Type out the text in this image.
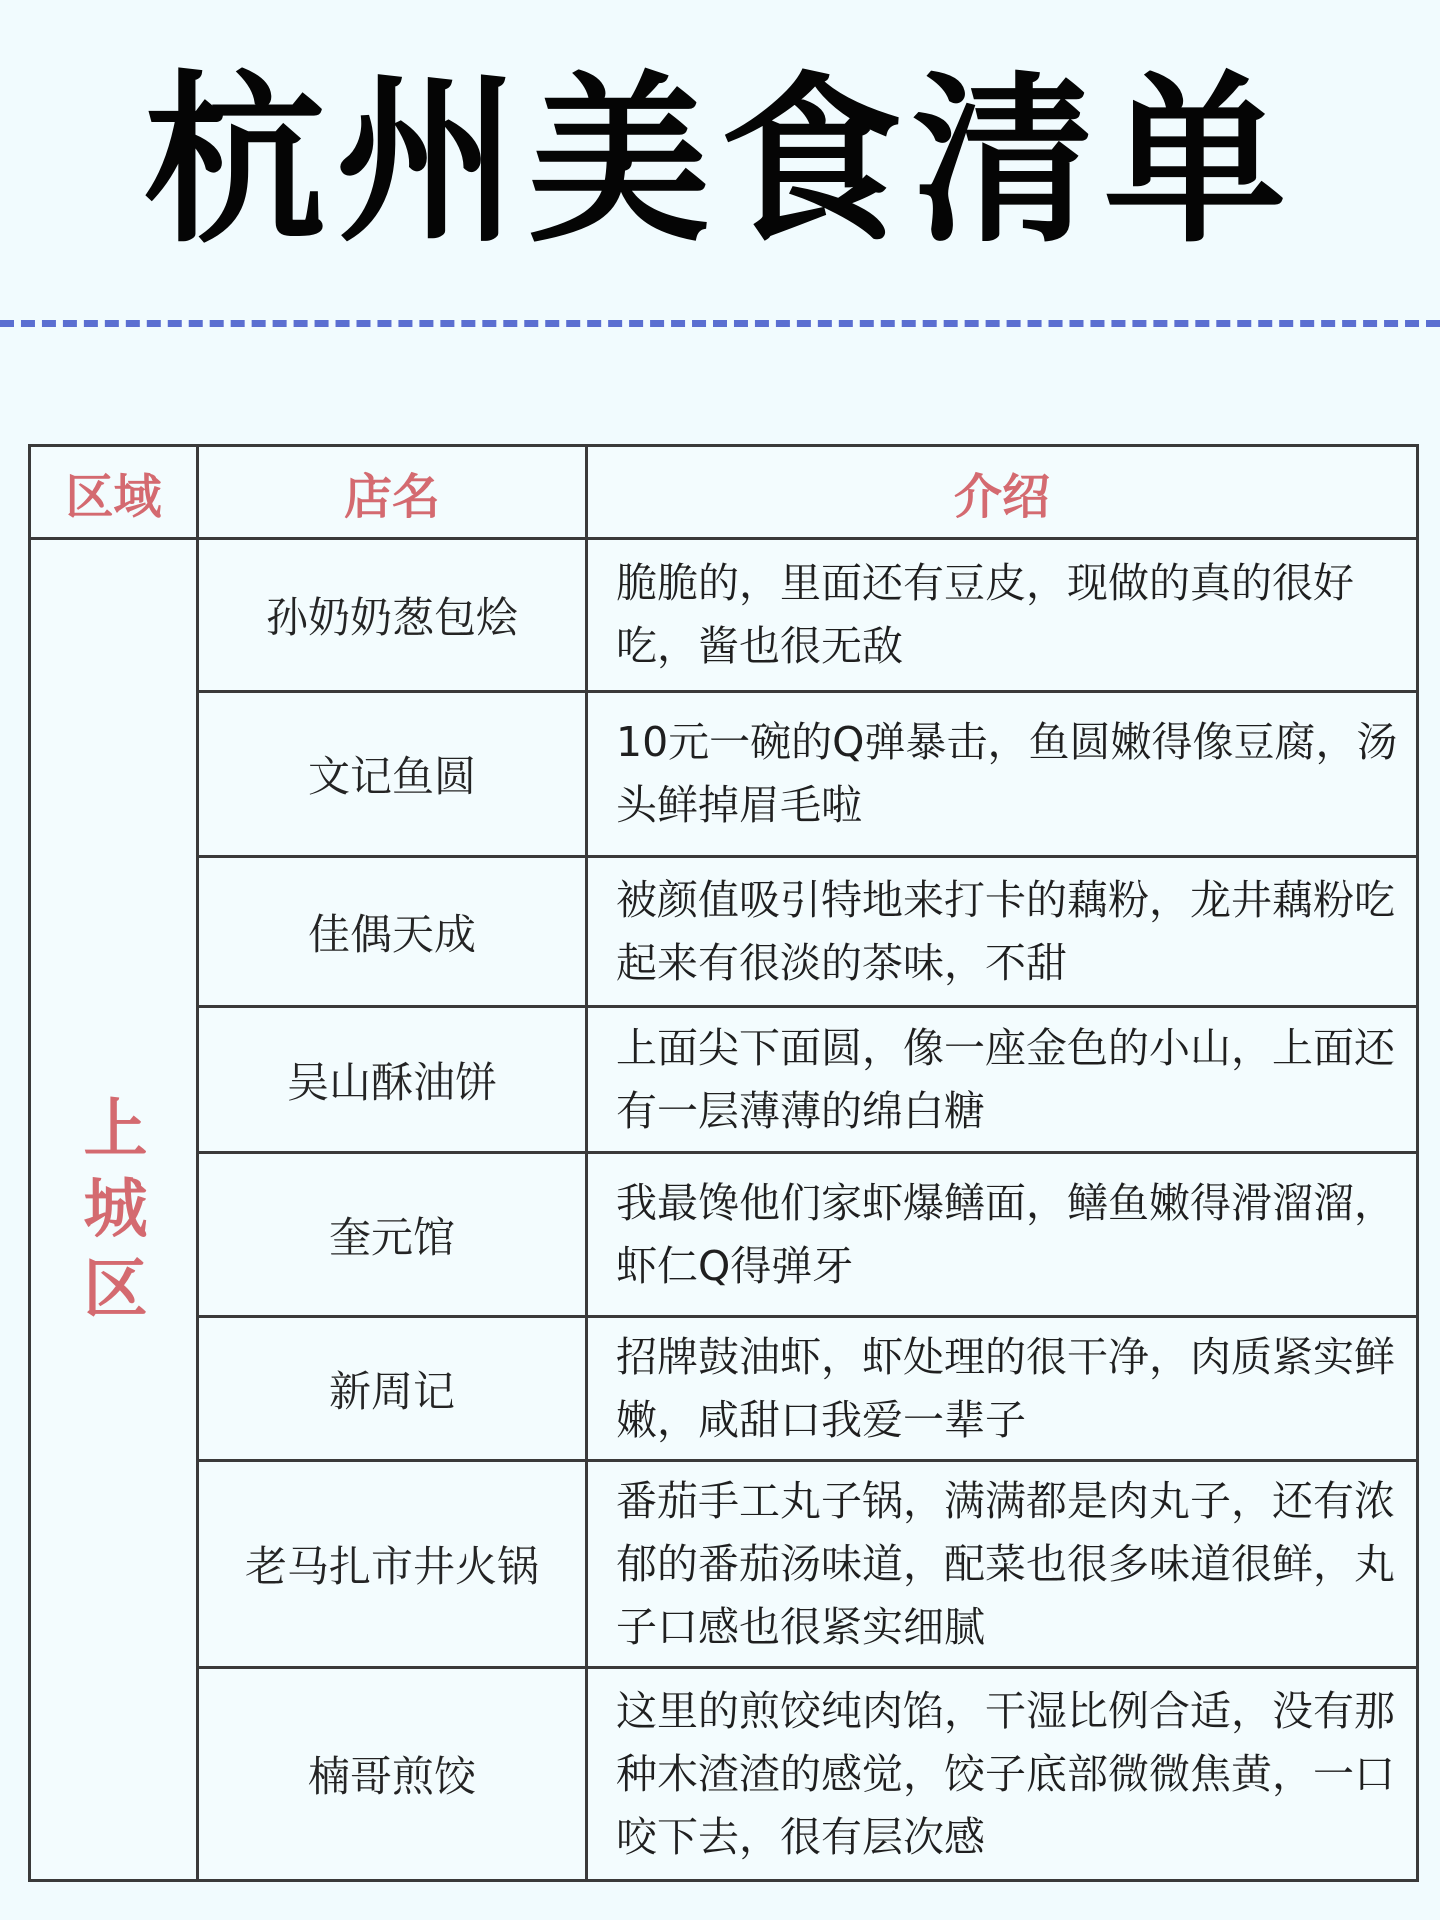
杭州美食清单
区域	店名	介绍
上城区	孙奶奶葱包烩	脆脆的，里面还有豆皮，现做的真的很好吃，酱也很无敌
	文记鱼圆	10元一碗的Q弹暴击，鱼圆嫩得像豆腐，汤头鲜掉眉毛啦
	佳偶天成	被颜值吸引特地来打卡的藕粉，龙井藕粉吃起来有很淡的茶味，不甜
	吴山酥油饼	上面尖下面圆，像一座金色的小山，上面还有一层薄薄的绵白糖
	奎元馆	我最馋他们家虾爆鳝面，鳝鱼嫩得滑溜溜，虾仁Q得弹牙
	新周记	招牌鼓油虾，虾处理的很干净，肉质紧实鲜嫩，咸甜口我爱一辈子
	老马扎市井火锅	番茄手工丸子锅，满满都是肉丸子，还有浓郁的番茄汤味道，配菜也很多味道很鲜，丸子口感也很紧实细腻
	楠哥煎饺	这里的煎饺纯肉馅，干湿比例合适，没有那种木渣渣的感觉，饺子底部微微焦黄，一口咬下去，很有层次感
